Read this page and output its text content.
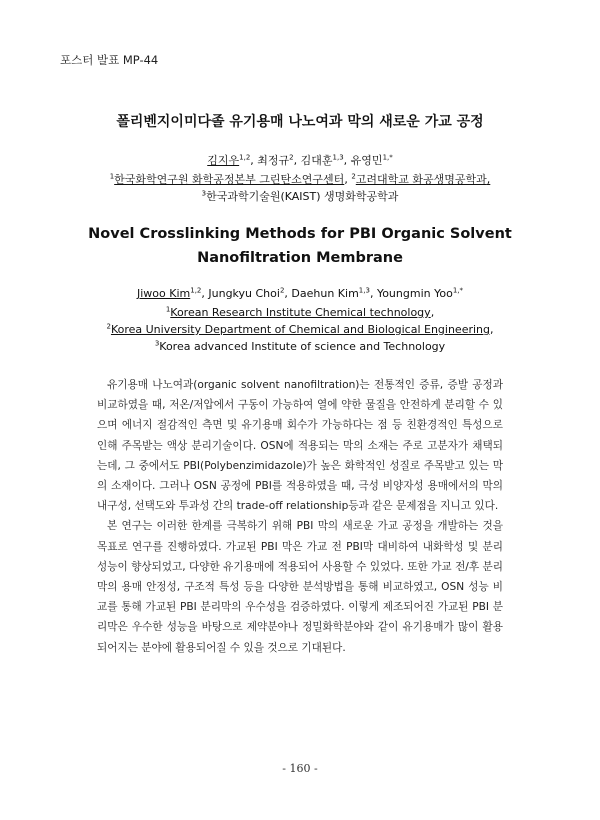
포스터 발표 MP-44
폴리벤지이미다졸 유기용매 나노여과 막의 새로운 가교 공정
김지우$^{1,2}$, 최정규$^2$, 김대훈$^{1,3}$, 유영민$^{1,*}$
$^1$한국화학연구원 화학공정본부 그린탄소연구센터, $^2$고려대학교 화공생명공학과,
$^3$한국과학기술원(KAIST) 생명화학공학과
Novel Crosslinking Methods for PBI Organic Solvent
Nanofiltration Membrane
Jiwoo Kim$^{1,2}$, Jungkyu Choi$^2$, Daehun Kim$^{1,3}$, Youngmin Yoo$^{1,*}$
$^1$Korean Research Institute Chemical technology,
$^2$Korea University Department of Chemical and Biological Engineering,
$^3$Korea advanced Institute of science and Technology

유기용매 나노여과(organic solvent nanofiltration)는 전통적인 증류, 증발 공정과 비교하였을 때, 저온/저압에서 구동이 가능하여 열에 약한 물질을 안전하게 분리할 수 있으며 에너지 절감적인 측면 및 유기용매 회수가 가능하다는 점 등 친환경적인 특성으로 인해 주목받는 액상 분리기술이다. OSN에 적용되는 막의 소재는 주로 고분자가 채택되는데, 그 중에서도 PBI(Polybenzimidazole)가 높은 화학적인 성질로 주목받고 있는 막의 소재이다. 그러나 OSN 공정에 PBI를 적용하였을 때, 극성 비양자성 용매에서의 막의 내구성, 선택도와 투과성 간의 trade-off relationship등과 같은 문제점을 지니고 있다.

본 연구는 이러한 한계를 극복하기 위해 PBI 막의 새로운 가교 공정을 개발하는 것을 목표로 연구를 진행하였다. 가교된 PBI 막은 가교 전 PBI막 대비하여 내화학성 및 분리 성능이 향상되었고, 다양한 유기용매에 적용되어 사용할 수 있었다. 또한 가교 전/후 분리막의 용매 안정성, 구조적 특성 등을 다양한 분석방법을 통해 비교하였고, OSN 성능 비교를 통해 가교된 PBI 분리막의 우수성을 검증하였다. 이렇게 제조되어진 가교된 PBI 분리막은 우수한 성능을 바탕으로 제약분야나 정밀화학분야와 같이 유기용매가 많이 활용되어지는 분야에 활용되어질 수 있을 것으로 기대된다.

- 160 -
